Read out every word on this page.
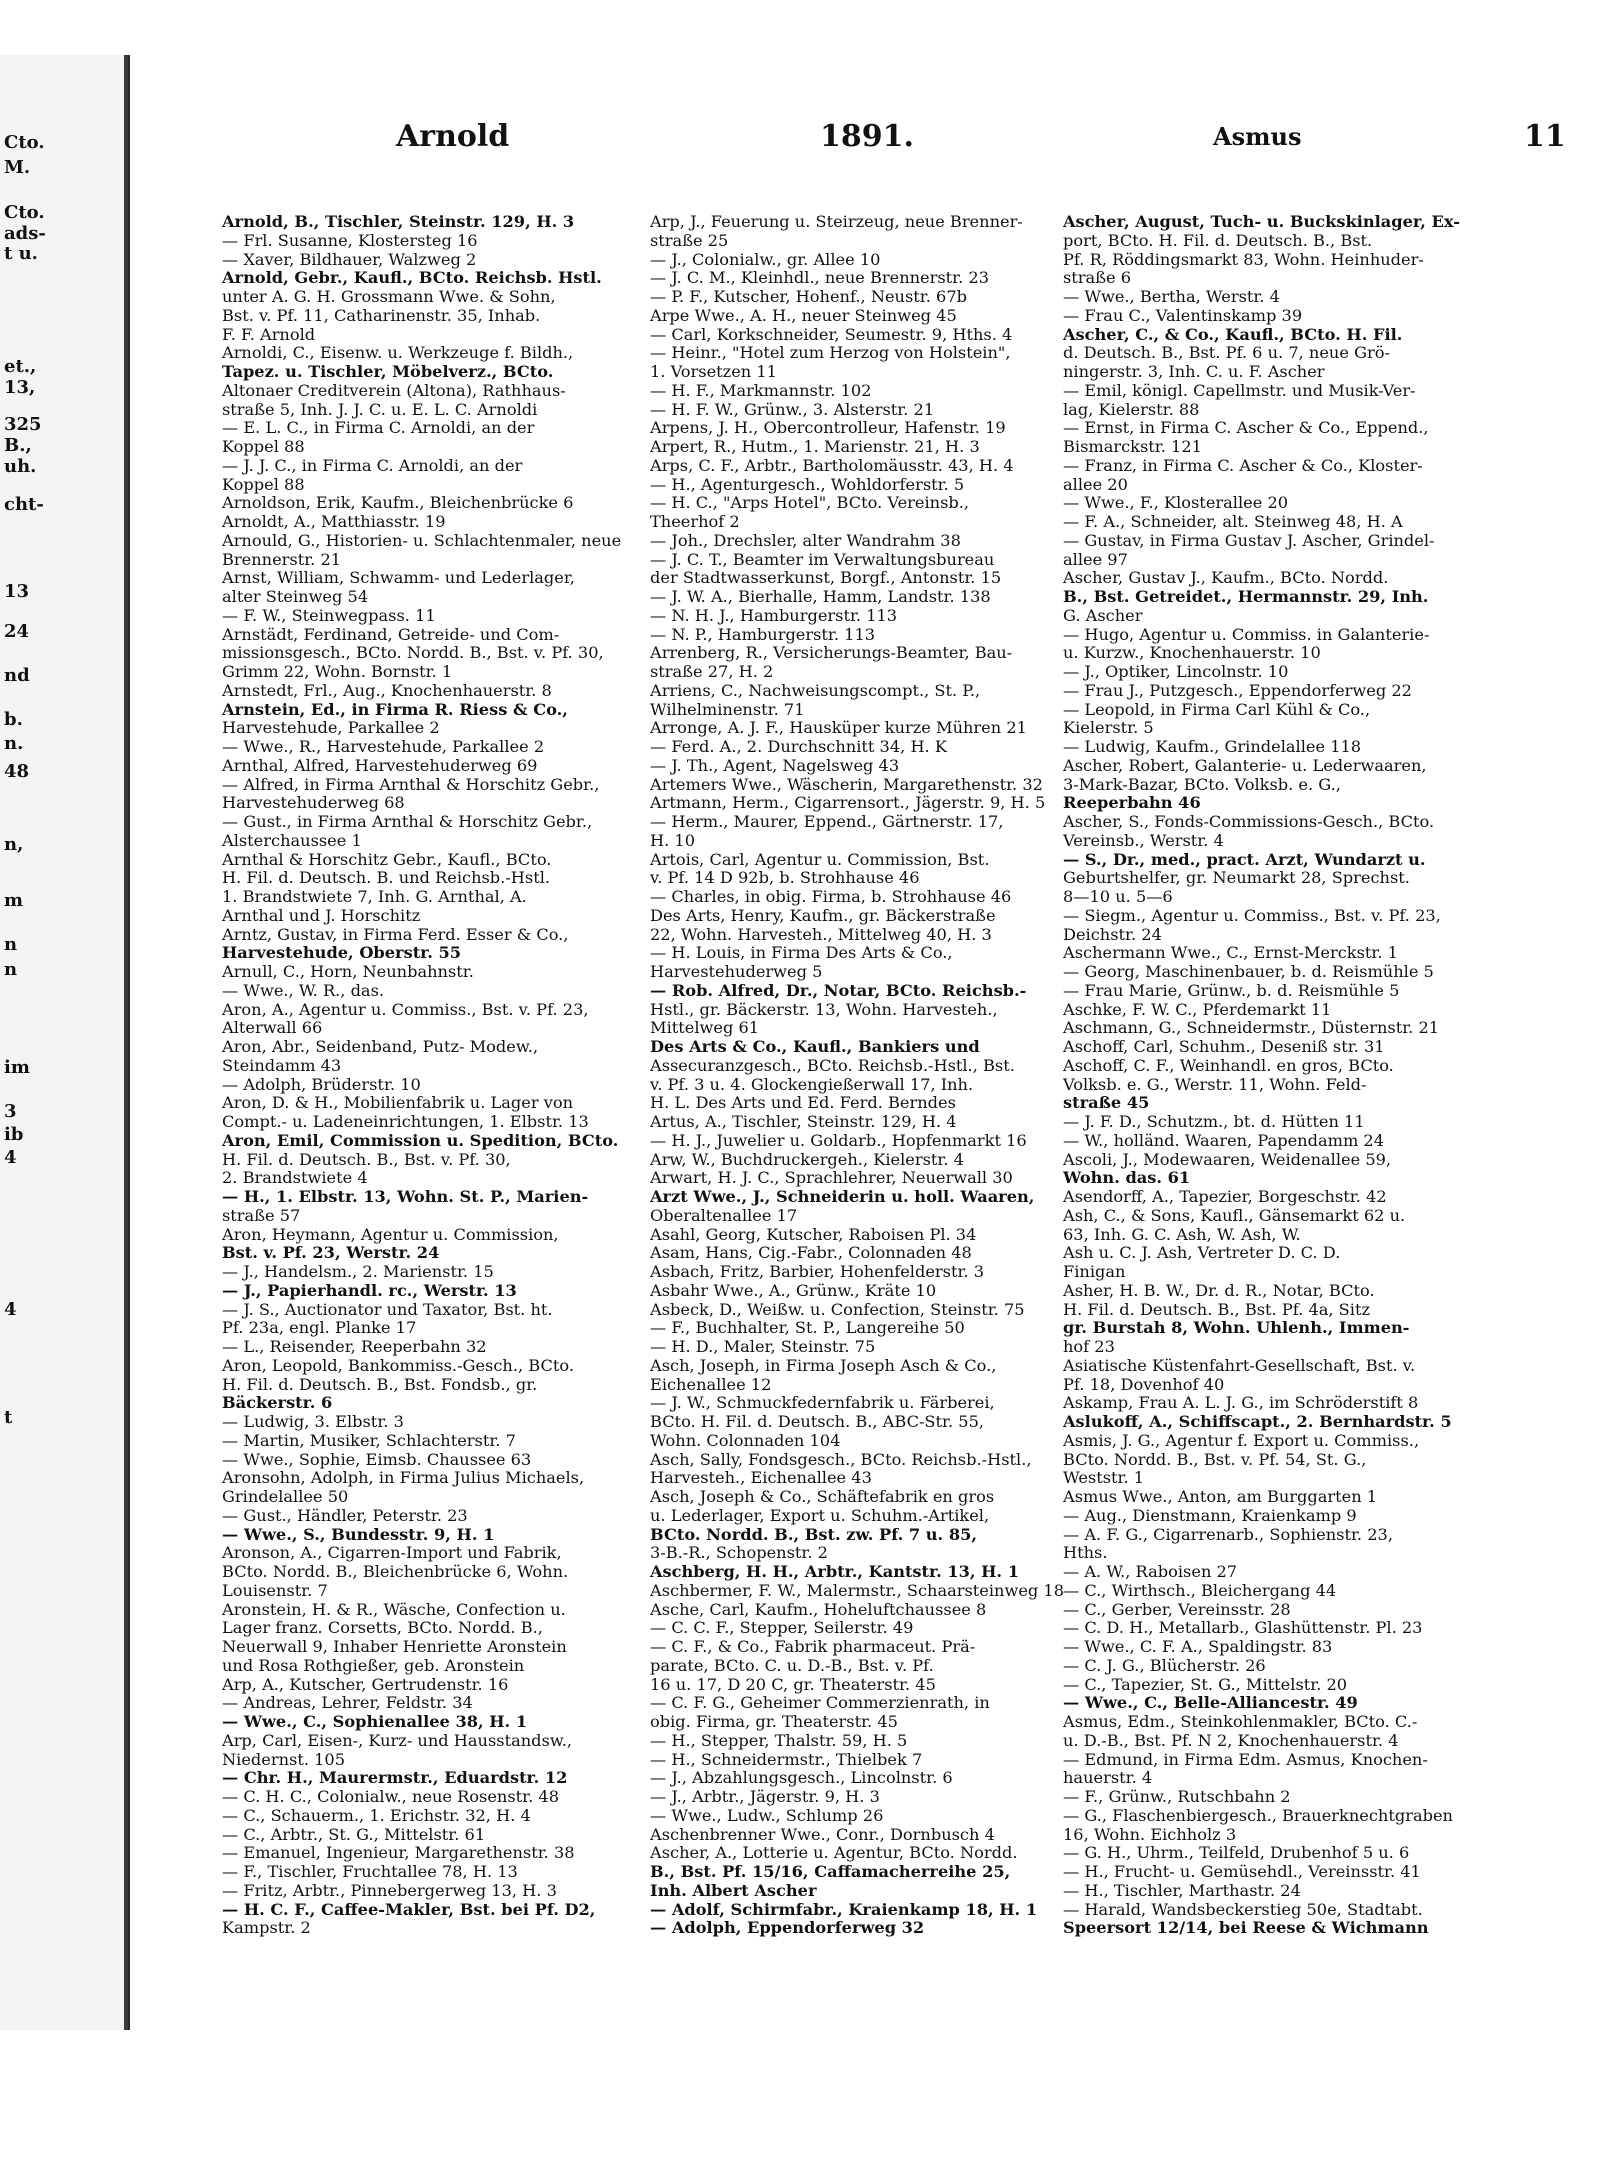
Cto.
M.
Cto.
ads-
t u.
et.,
13,
325
B.,
uh.
cht-
13
24
nd
b.
n.
48
n,
m
n
n
im
3
ib
4
4
t
Arnold	1891.	Asmus	11
Arnold, B., Tischler, Steinstr. 129, H. 3
— Frl. Susanne, Klostersteg 16
— Xaver, Bildhauer, Walzweg 2
Arnold, Gebr., Kaufl., BCto. Reichsb. Hstl.
unter A. G. H. Grossmann Wwe. & Sohn,
Bst. v. Pf. 11, Catharinenstr. 35, Inhab.
F. F. Arnold
Arnoldi, C., Eisenw. u. Werkzeuge f. Bildh.,
Tapez. u. Tischler, Möbelverz., BCto.
Altonaer Creditverein (Altona), Rathhaus-
straße 5, Inh. J. J. C. u. E. L. C. Arnoldi
— E. L. C., in Firma C. Arnoldi, an der
Koppel 88
— J. J. C., in Firma C. Arnoldi, an der
Koppel 88
Arnoldson, Erik, Kaufm., Bleichenbrücke 6
Arnoldt, A., Matthiasstr. 19
Arnould, G., Historien- u. Schlachtenmaler, neue
Brennerstr. 21
Arnst, William, Schwamm- und Lederlager,
alter Steinweg 54
— F. W., Steinwegpass. 11
Arnstädt, Ferdinand, Getreide- und Com-
missionsgesch., BCto. Nordd. B., Bst. v. Pf. 30,
Grimm 22, Wohn. Bornstr. 1
Arnstedt, Frl., Aug., Knochenhauerstr. 8
Arnstein, Ed., in Firma R. Riess & Co.,
Harvestehude, Parkallee 2
— Wwe., R., Harvestehude, Parkallee 2
Arnthal, Alfred, Harvestehuderweg 69
— Alfred, in Firma Arnthal & Horschitz Gebr.,
Harvestehuderweg 68
— Gust., in Firma Arnthal & Horschitz Gebr.,
Alsterchaussee 1
Arnthal & Horschitz Gebr., Kaufl., BCto.
H. Fil. d. Deutsch. B. und Reichsb.-Hstl.
1. Brandstwiete 7, Inh. G. Arnthal, A.
Arnthal und J. Horschitz
Arntz, Gustav, in Firma Ferd. Esser & Co.,
Harvestehude, Oberstr. 55
Arnull, C., Horn, Neunbahnstr.
— Wwe., W. R., das.
Aron, A., Agentur u. Commiss., Bst. v. Pf. 23,
Alterwall 66
Aron, Abr., Seidenband, Putz- Modew.,
Steindamm 43
— Adolph, Brüderstr. 10
Aron, D. & H., Mobilienfabrik u. Lager von
Compt.- u. Ladeneinrichtungen, 1. Elbstr. 13
Aron, Emil, Commission u. Spedition, BCto.
H. Fil. d. Deutsch. B., Bst. v. Pf. 30,
2. Brandstwiete 4
— H., 1. Elbstr. 13, Wohn. St. P., Marien-
straße 57
Aron, Heymann, Agentur u. Commission,
Bst. v. Pf. 23, Werstr. 24
— J., Handelsm., 2. Marienstr. 15
— J., Papierhandl. rc., Werstr. 13
— J. S., Auctionator und Taxator, Bst. ht.
Pf. 23a, engl. Planke 17
— L., Reisender, Reeperbahn 32
Aron, Leopold, Bankommiss.-Gesch., BCto.
H. Fil. d. Deutsch. B., Bst. Fondsb., gr.
Bäckerstr. 6
— Ludwig, 3. Elbstr. 3
— Martin, Musiker, Schlachterstr. 7
— Wwe., Sophie, Eimsb. Chaussee 63
Aronsohn, Adolph, in Firma Julius Michaels,
Grindelallee 50
— Gust., Händler, Peterstr. 23
— Wwe., S., Bundesstr. 9, H. 1
Aronson, A., Cigarren-Import und Fabrik,
BCto. Nordd. B., Bleichenbrücke 6, Wohn.
Louisenstr. 7
Aronstein, H. & R., Wäsche, Confection u.
Lager franz. Corsetts, BCto. Nordd. B.,
Neuerwall 9, Inhaber Henriette Aronstein
und Rosa Rothgießer, geb. Aronstein
Arp, A., Kutscher, Gertrudenstr. 16
— Andreas, Lehrer, Feldstr. 34
— Wwe., C., Sophienallee 38, H. 1
Arp, Carl, Eisen-, Kurz- und Hausstandsw.,
Niedernst. 105
— Chr. H., Maurermstr., Eduardstr. 12
— C. H. C., Colonialw., neue Rosenstr. 48
— C., Schauerm., 1. Erichstr. 32, H. 4
— C., Arbtr., St. G., Mittelstr. 61
— Emanuel, Ingenieur, Margarethenstr. 38
— F., Tischler, Fruchtallee 78, H. 13
— Fritz, Arbtr., Pinnebergerweg 13, H. 3
— H. C. F., Caffee-Makler, Bst. bei Pf. D2,
Kampstr. 2
Arp, J., Feuerung u. Steirzeug, neue Brenner-
straße 25
— J., Colonialw., gr. Allee 10
— J. C. M., Kleinhdl., neue Brennerstr. 23
— P. F., Kutscher, Hohenf., Neustr. 67b
Arpe Wwe., A. H., neuer Steinweg 45
— Carl, Korkschneider, Seumestr. 9, Hths. 4
— Heinr., "Hotel zum Herzog von Holstein",
1. Vorsetzen 11
— H. F., Markmannstr. 102
— H. F. W., Grünw., 3. Alsterstr. 21
Arpens, J. H., Obercontrolleur, Hafenstr. 19
Arpert, R., Hutm., 1. Marienstr. 21, H. 3
Arps, C. F., Arbtr., Bartholomäusstr. 43, H. 4
— H., Agenturgesch., Wohldorferstr. 5
— H. C., "Arps Hotel", BCto. Vereinsb.,
Theerhof 2
— Joh., Drechsler, alter Wandrahm 38
— J. C. T., Beamter im Verwaltungsbureau
der Stadtwasserkunst, Borgf., Antonstr. 15
— J. W. A., Bierhalle, Hamm, Landstr. 138
— N. H. J., Hamburgerstr. 113
— N. P., Hamburgerstr. 113
Arrenberg, R., Versicherungs-Beamter, Bau-
straße 27, H. 2
Arriens, C., Nachweisungscompt., St. P.,
Wilhelminenstr. 71
Arronge, A. J. F., Hausküper kurze Mühren 21
— Ferd. A., 2. Durchschnitt 34, H. K
— J. Th., Agent, Nagelsweg 43
Artemers Wwe., Wäscherin, Margarethenstr. 32
Artmann, Herm., Cigarrensort., Jägerstr. 9, H. 5
— Herm., Maurer, Eppend., Gärtnerstr. 17,
H. 10
Artois, Carl, Agentur u. Commission, Bst.
v. Pf. 14 D 92b, b. Strohhause 46
— Charles, in obig. Firma, b. Strohhause 46
Des Arts, Henry, Kaufm., gr. Bäckerstraße
22, Wohn. Harvesteh., Mittelweg 40, H. 3
— H. Louis, in Firma Des Arts & Co.,
Harvestehuderweg 5
— Rob. Alfred, Dr., Notar, BCto. Reichsb.-
Hstl., gr. Bäckerstr. 13, Wohn. Harvesteh.,
Mittelweg 61
Des Arts & Co., Kaufl., Bankiers und
Assecuranzgesch., BCto. Reichsb.-Hstl., Bst.
v. Pf. 3 u. 4. Glockengießerwall 17, Inh.
H. L. Des Arts und Ed. Ferd. Berndes
Artus, A., Tischler, Steinstr. 129, H. 4
— H. J., Juwelier u. Goldarb., Hopfenmarkt 16
Arw, W., Buchdruckergeh., Kielerstr. 4
Arwart, H. J. C., Sprachlehrer, Neuerwall 30
Arzt Wwe., J., Schneiderin u. holl. Waaren,
Oberaltenallee 17
Asahl, Georg, Kutscher, Raboisen Pl. 34
Asam, Hans, Cig.-Fabr., Colonnaden 48
Asbach, Fritz, Barbier, Hohenfelderstr. 3
Asbahr Wwe., A., Grünw., Kräte 10
Asbeck, D., Weißw. u. Confection, Steinstr. 75
— F., Buchhalter, St. P., Langereihe 50
— H. D., Maler, Steinstr. 75
Asch, Joseph, in Firma Joseph Asch & Co.,
Eichenallee 12
— J. W., Schmuckfedernfabrik u. Färberei,
BCto. H. Fil. d. Deutsch. B., ABC-Str. 55,
Wohn. Colonnaden 104
Asch, Sally, Fondsgesch., BCto. Reichsb.-Hstl.,
Harvesteh., Eichenallee 43
Asch, Joseph & Co., Schäftefabrik en gros
u. Lederlager, Export u. Schuhm.-Artikel,
BCto. Nordd. B., Bst. zw. Pf. 7 u. 85,
3-B.-R., Schopenstr. 2
Aschberg, H. H., Arbtr., Kantstr. 13, H. 1
Aschbermer, F. W., Malermstr., Schaarsteinweg 18
Asche, Carl, Kaufm., Hoheluftchaussee 8
— C. C. F., Stepper, Seilerstr. 49
— C. F., & Co., Fabrik pharmaceut. Prä-
parate, BCto. C. u. D.-B., Bst. v. Pf.
16 u. 17, D 20 C, gr. Theaterstr. 45
— C. F. G., Geheimer Commerzienrath, in
obig. Firma, gr. Theaterstr. 45
— H., Stepper, Thalstr. 59, H. 5
— H., Schneidermstr., Thielbek 7
— J., Abzahlungsgesch., Lincolnstr. 6
— J., Arbtr., Jägerstr. 9, H. 3
— Wwe., Ludw., Schlump 26
Aschenbrenner Wwe., Conr., Dornbusch 4
Ascher, A., Lotterie u. Agentur, BCto. Nordd.
B., Bst. Pf. 15/16, Caffamacherreihe 25,
Inh. Albert Ascher
— Adolf, Schirmfabr., Kraienkamp 18, H. 1
— Adolph, Eppendorferweg 32
Ascher, August, Tuch- u. Buckskinlager, Ex-
port, BCto. H. Fil. d. Deutsch. B., Bst.
Pf. R, Röddingsmarkt 83, Wohn. Heinhuder-
straße 6
— Wwe., Bertha, Werstr. 4
— Frau C., Valentinskamp 39
Ascher, C., & Co., Kaufl., BCto. H. Fil.
d. Deutsch. B., Bst. Pf. 6 u. 7, neue Grö-
ningerstr. 3, Inh. C. u. F. Ascher
— Emil, königl. Capellmstr. und Musik-Ver-
lag, Kielerstr. 88
— Ernst, in Firma C. Ascher & Co., Eppend.,
Bismarckstr. 121
— Franz, in Firma C. Ascher & Co., Kloster-
allee 20
— Wwe., F., Klosterallee 20
— F. A., Schneider, alt. Steinweg 48, H. A
— Gustav, in Firma Gustav J. Ascher, Grindel-
allee 97
Ascher, Gustav J., Kaufm., BCto. Nordd.
B., Bst. Getreidet., Hermannstr. 29, Inh.
G. Ascher
— Hugo, Agentur u. Commiss. in Galanterie-
u. Kurzw., Knochenhauerstr. 10
— J., Optiker, Lincolnstr. 10
— Frau J., Putzgesch., Eppendorferweg 22
— Leopold, in Firma Carl Kühl & Co.,
Kielerstr. 5
— Ludwig, Kaufm., Grindelallee 118
Ascher, Robert, Galanterie- u. Lederwaaren,
3-Mark-Bazar, BCto. Volksb. e. G.,
Reeperbahn 46
Ascher, S., Fonds-Commissions-Gesch., BCto.
Vereinsb., Werstr. 4
— S., Dr., med., pract. Arzt, Wundarzt u.
Geburtshelfer, gr. Neumarkt 28, Sprechst.
8—10 u. 5—6
— Siegm., Agentur u. Commiss., Bst. v. Pf. 23,
Deichstr. 24
Aschermann Wwe., C., Ernst-Merckstr. 1
— Georg, Maschinenbauer, b. d. Reismühle 5
— Frau Marie, Grünw., b. d. Reismühle 5
Aschke, F. W. C., Pferdemarkt 11
Aschmann, G., Schneidermstr., Düsternstr. 21
Aschoff, Carl, Schuhm., Deseniß str. 31
Aschoff, C. F., Weinhandl. en gros, BCto.
Volksb. e. G., Werstr. 11, Wohn. Feld-
straße 45
— J. F. D., Schutzm., bt. d. Hütten 11
— W., holländ. Waaren, Papendamm 24
Ascoli, J., Modewaaren, Weidenallee 59,
Wohn. das. 61
Asendorff, A., Tapezier, Borgeschstr. 42
Ash, C., & Sons, Kaufl., Gänsemarkt 62 u.
63, Inh. G. C. Ash, W. Ash, W.
Ash u. C. J. Ash, Vertreter D. C. D.
Finigan
Asher, H. B. W., Dr. d. R., Notar, BCto.
H. Fil. d. Deutsch. B., Bst. Pf. 4a, Sitz
gr. Burstah 8, Wohn. Uhlenh., Immen-
hof 23
Asiatische Küstenfahrt-Gesellschaft, Bst. v.
Pf. 18, Dovenhof 40
Askamp, Frau A. L. J. G., im Schröderstift 8
Aslukoff, A., Schiffscapt., 2. Bernhardstr. 5
Asmis, J. G., Agentur f. Export u. Commiss.,
BCto. Nordd. B., Bst. v. Pf. 54, St. G.,
Weststr. 1
Asmus Wwe., Anton, am Burggarten 1
— Aug., Dienstmann, Kraienkamp 9
— A. F. G., Cigarrenarb., Sophienstr. 23,
Hths.
— A. W., Raboisen 27
— C., Wirthsch., Bleichergang 44
— C., Gerber, Vereinsstr. 28
— C. D. H., Metallarb., Glashüttenstr. Pl. 23
— Wwe., C. F. A., Spaldingstr. 83
— C. J. G., Blücherstr. 26
— C., Tapezier, St. G., Mittelstr. 20
— Wwe., C., Belle-Alliancestr. 49
Asmus, Edm., Steinkohlenmakler, BCto. C.-
u. D.-B., Bst. Pf. N 2, Knochenhauerstr. 4
— Edmund, in Firma Edm. Asmus, Knochen-
hauerstr. 4
— F., Grünw., Rutschbahn 2
— G., Flaschenbiergesch., Brauerknechtgraben
16, Wohn. Eichholz 3
— G. H., Uhrm., Teilfeld, Drubenhof 5 u. 6
— H., Frucht- u. Gemüsehdl., Vereinsstr. 41
— H., Tischler, Marthastr. 24
— Harald, Wandsbeckerstieg 50e, Stadtabt.
Speersort 12/14, bei Reese & Wichmann
